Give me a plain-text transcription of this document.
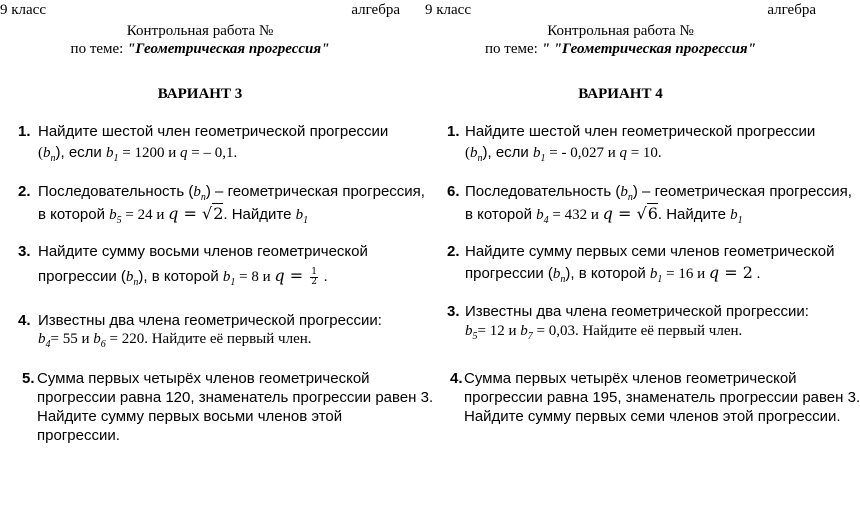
9 класс	алгебра
Контрольная работа №
по теме: "Геометрическая прогрессия"
ВАРИАНТ 3
1. Найдите шестой член геометрической прогрессии
$(b_n)$, если $b_1 = 1200$ и q = – 0,1.
2. Последовательность $(b_n)$ – геометрическая прогрессия,
в которой $b_5 = 24$ и q = √2. Найдите $b_1$
3. Найдите сумму восьми членов геометрической
прогрессии $(b_n)$, в которой $b_1 = 8$ и $q = \frac{1}{2}$ .
4. Известны два члена геометрической прогрессии:
$b_4= 55$ и $b_6 = 220$. Найдите её первый член.
5. Сумма первых четырёх членов геометрической
прогрессии равна 120, знаменатель прогрессии равен 3.
Найдите сумму первых восьми членов этой
прогрессии.
9 класс	алгебра
Контрольная работа №
по теме: " "Геометрическая прогрессия"
ВАРИАНТ 4
1. Найдите шестой член геометрической прогрессии
$(b_n)$, если $b_1$ = - 0,027 и q = 10.
6. Последовательность $(b_n)$ – геометрическая прогрессия,
в которой $b_4 = 432$ и q = √6. Найдите $b_1$
2. Найдите сумму первых семи членов геометрической
прогрессии $(b_n)$, в которой $b_1 = 16$ и q = 2 .
3. Известны два члена геометрической прогрессии:
$b_5= 12$ и $b_7 = 0,03$. Найдите её первый член.
4. Сумма первых четырёх членов геометрической
прогрессии равна 195, знаменатель прогрессии равен 3.
Найдите сумму первых семи членов этой прогрессии.
